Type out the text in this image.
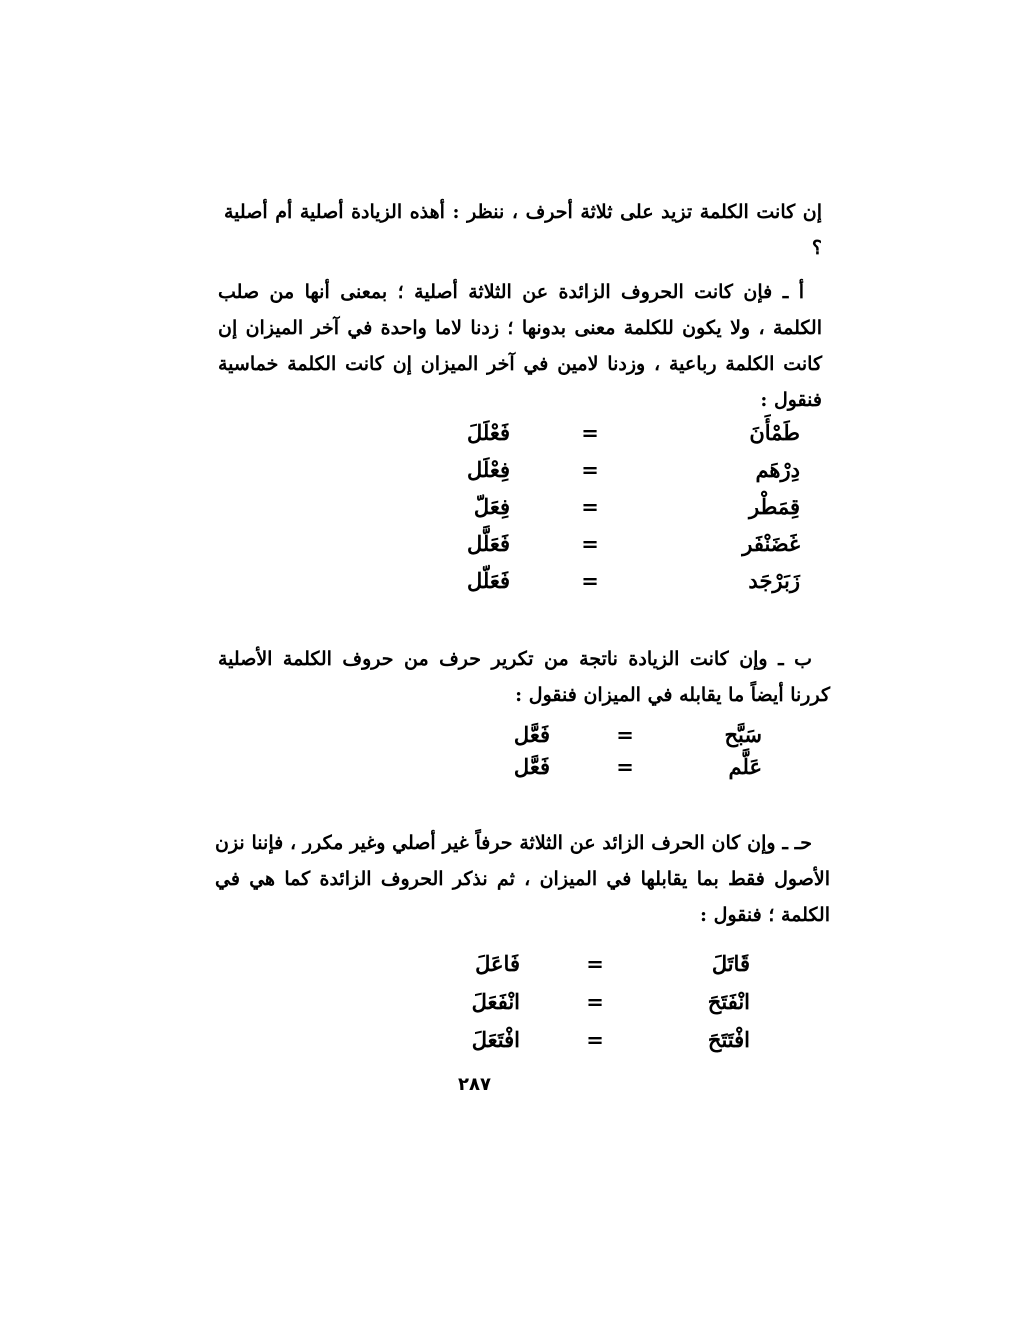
إن كانت الكلمة تزيد على ثلاثة أحرف ، ننظر : أهذه الزيادة أصلية أم أصلية ؟

أ ـ فإن كانت الحروف الزائدة عن الثلاثة أصلية ؛ بمعنى أنها من صلب الكلمة ، ولا يكون للكلمة معنى بدونها ؛ زدنا لاما واحدة في آخر الميزان إن كانت الكلمة رباعية ، وزدنا لامين في آخر الميزان إن كانت الكلمة خماسية فنقول :

طَمْأَنَ
=
فَعْلَلَ
دِرْهَم
=
فِعْلَل
قِمَطْر
=
فِعَلّ
غَضَنْفَر
=
فَعَلَّل
زَبَرْجَد
=
فَعَلّل

ب ـ وإن كانت الزيادة ناتجة من تكرير حرف من حروف الكلمة الأصلية كررنا أيضاً ما يقابله في الميزان فنقول :

سَبَّح
=
فَعَّل
عَلَّم
=
فَعَّل

حـ ـ وإن كان الحرف الزائد عن الثلاثة حرفاً غير أصلي وغير مكرر ، فإننا نزن الأصول فقط بما يقابلها في الميزان ، ثم نذكر الحروف الزائدة كما هي في الكلمة ؛ فنقول :

قَاتَلَ
=
فَاعَلَ
انْفَتَحَ
=
انْفَعَلَ
افْتَتَحَ
=
افْتَعَلَ
٢٨٧
